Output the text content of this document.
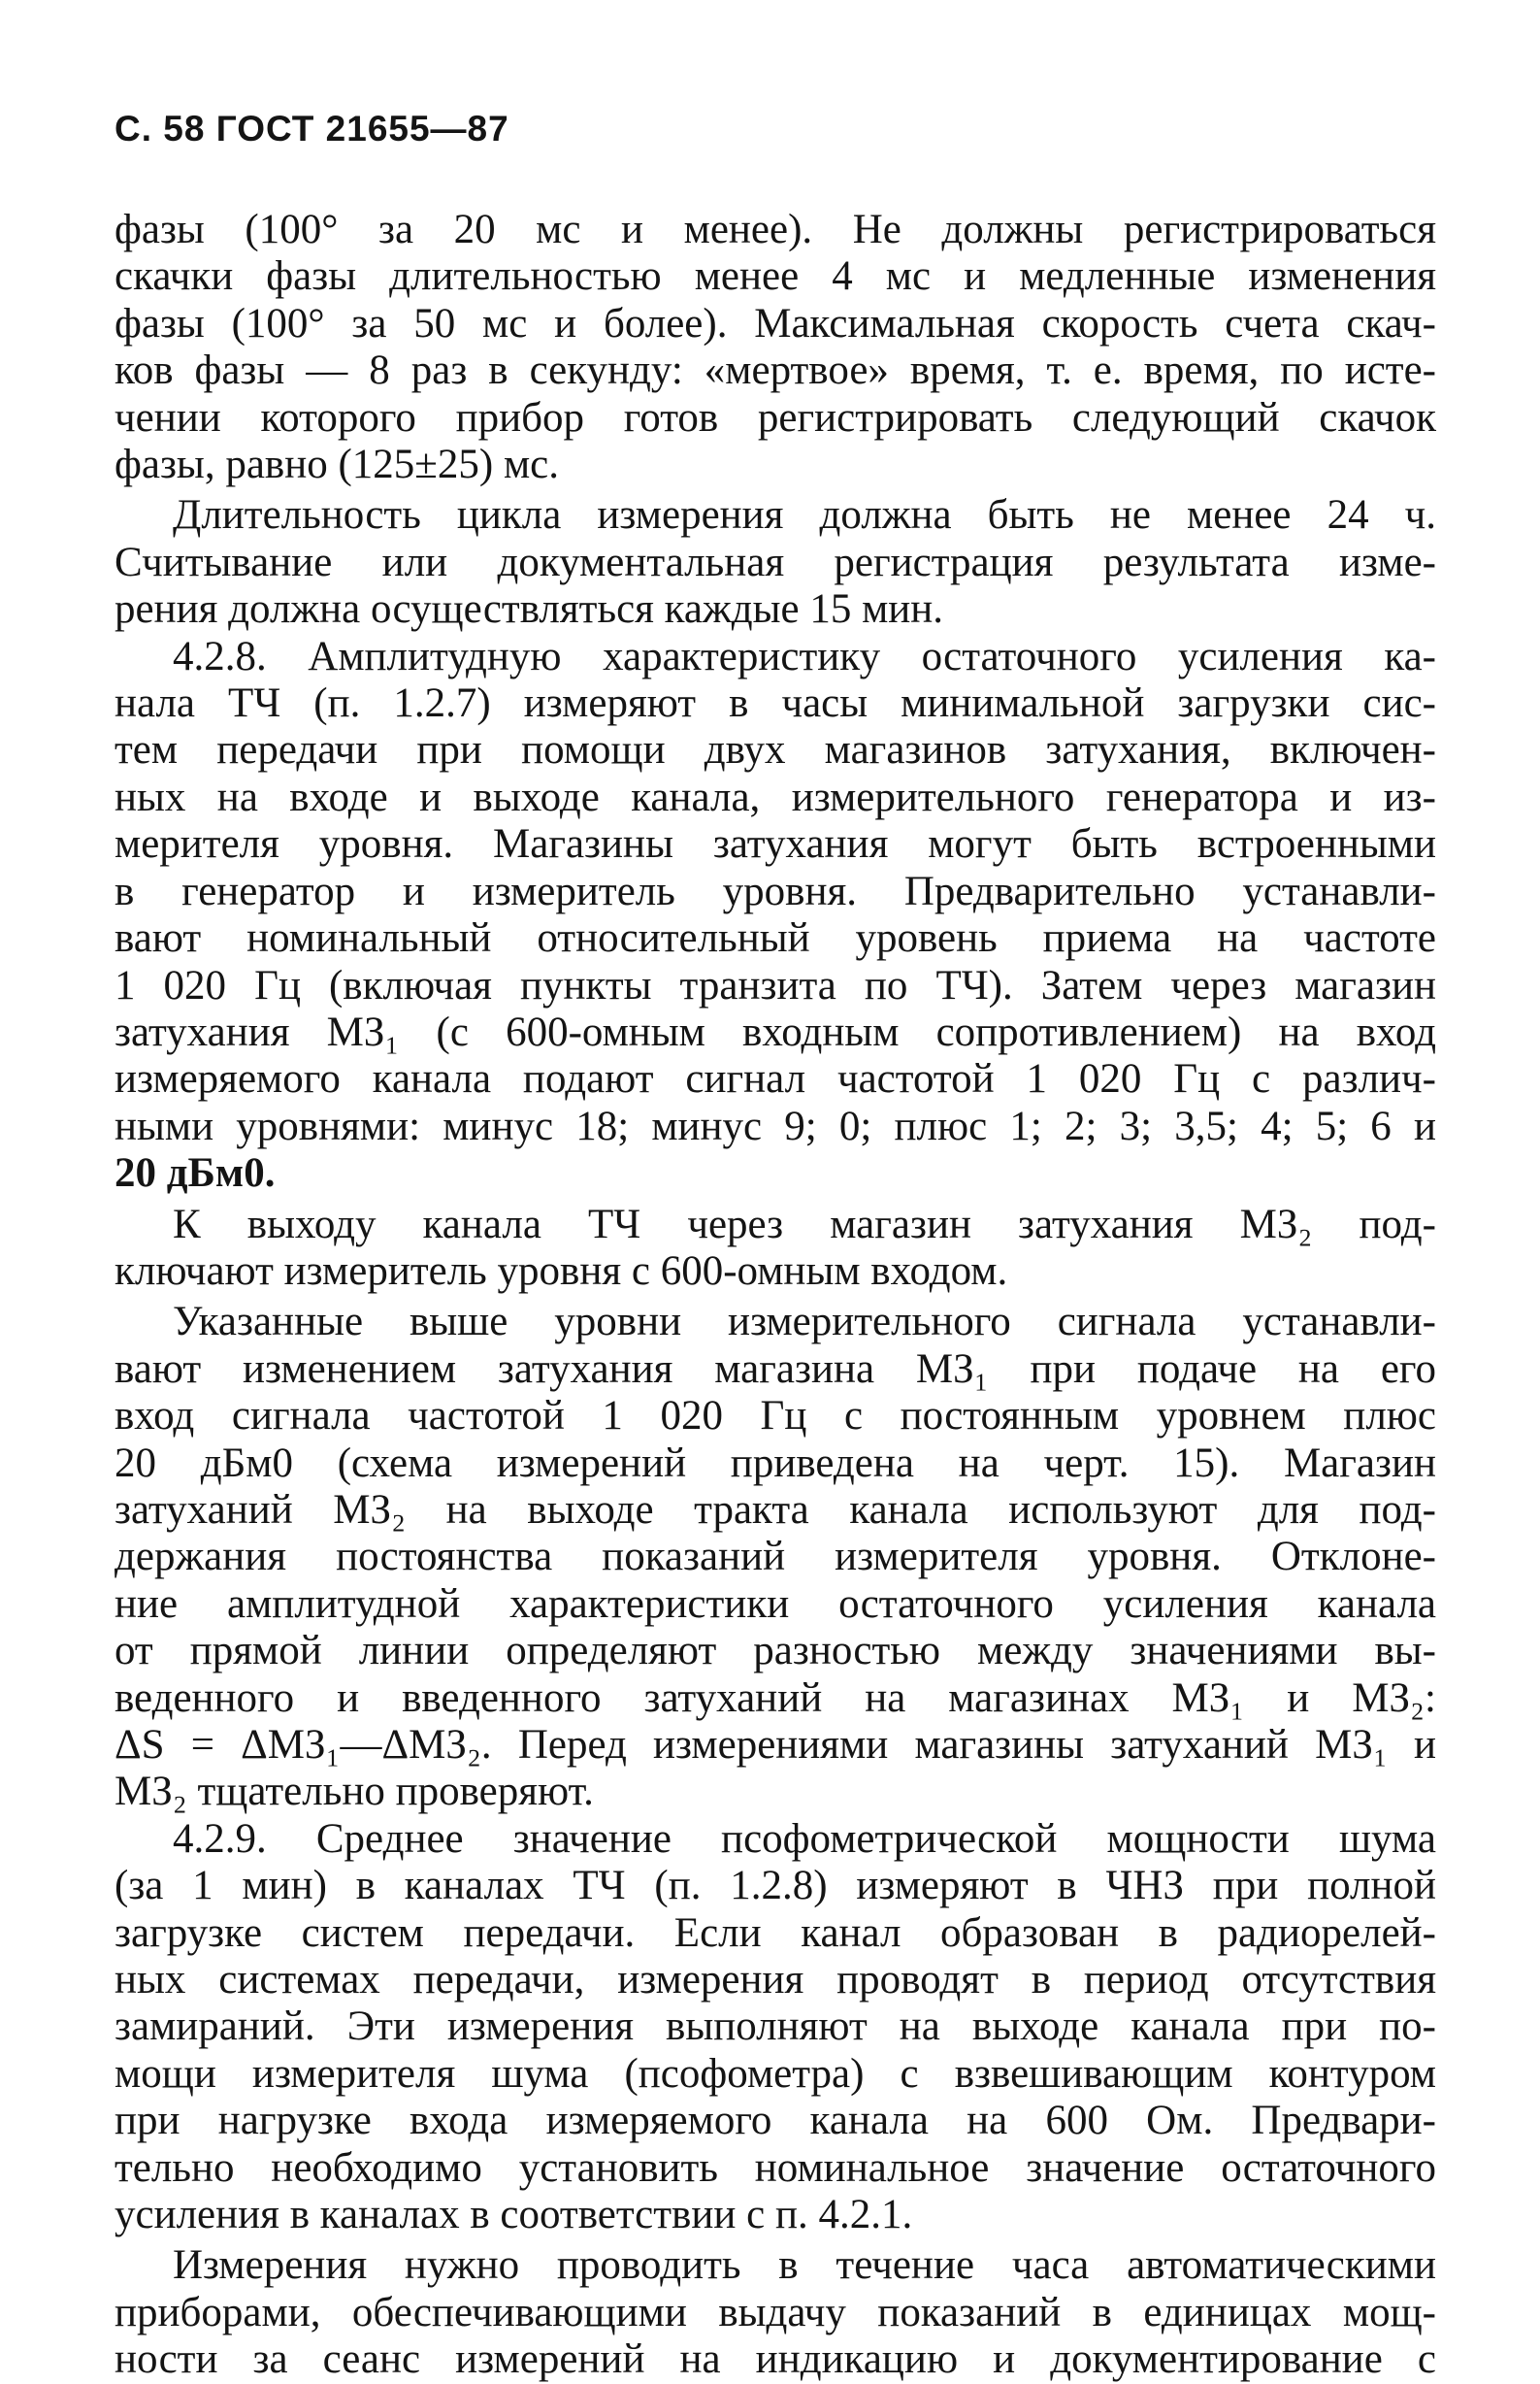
С. 58 ГОСТ 21655—87

фазы (100° за 20 мс и менее). Не должны регистрироваться

скачки фазы длительностью менее 4 мс и медленные изменения

фазы (100° за 50 мс и более). Максимальная скорость счета скач-

ков фазы — 8 раз в секунду: «мертвое» время, т. е. время, по исте-

чении которого прибор готов регистрировать следующий скачок

фазы, равно (125±25) мс.

Длительность цикла измерения должна быть не менее 24 ч.

Считывание или документальная регистрация результата изме-

рения должна осуществляться каждые 15 мин.

4.2.8. Амплитудную характеристику остаточного усиления ка-

нала ТЧ (п. 1.2.7) измеряют в часы минимальной загрузки сис-

тем передачи при помощи двух магазинов затухания, включен-

ных на входе и выходе канала, измерительного генератора и из-

мерителя уровня. Магазины затухания могут быть встроенными

в генератор и измеритель уровня. Предварительно устанавли-

вают номинальный относительный уровень приема на частоте

1 020 Гц (включая пункты транзита по ТЧ). Затем через магазин

затухания МЗ₁ (с 600-омным входным сопротивлением) на вход

измеряемого канала подают сигнал частотой 1 020 Гц с различ-

ными уровнями: минус 18; минус 9; 0; плюс 1; 2; 3; 3,5; 4; 5; 6 и

20 дБм0.

К выходу канала ТЧ через магазин затухания МЗ₂ под-

ключают измеритель уровня с 600-омным входом.

Указанные выше уровни измерительного сигнала устанавли-

вают изменением затухания магазина МЗ₁ при подаче на его

вход сигнала частотой 1 020 Гц с постоянным уровнем плюс

20 дБм0 (схема измерений приведена на черт. 15). Магазин

затуханий МЗ₂ на выходе тракта канала используют для под-

держания постоянства показаний измерителя уровня. Отклоне-

ние амплитудной характеристики остаточного усиления канала

от прямой линии определяют разностью между значениями вы-

веденного и введенного затуханий на магазинах МЗ₁ и МЗ₂:

ΔS = ΔМЗ₁—ΔМЗ₂. Перед измерениями магазины затуханий МЗ₁ и

МЗ₂ тщательно проверяют.

4.2.9. Среднее значение псофометрической мощности шума

(за 1 мин) в каналах ТЧ (п. 1.2.8) измеряют в ЧНЗ при полной

загрузке систем передачи. Если канал образован в радиорелей-

ных системах передачи, измерения проводят в период отсутствия

замираний. Эти измерения выполняют на выходе канала при по-

мощи измерителя шума (псофометра) с взвешивающим контуром

при нагрузке входа измеряемого канала на 600 Ом. Предвари-

тельно необходимо установить номинальное значение остаточного

усиления в каналах в соответствии с п. 4.2.1.

Измерения нужно проводить в течение часа автоматическими

приборами, обеспечивающими выдачу показаний в единицах мощ-

ности за сеанс измерений на индикацию и документирование с
